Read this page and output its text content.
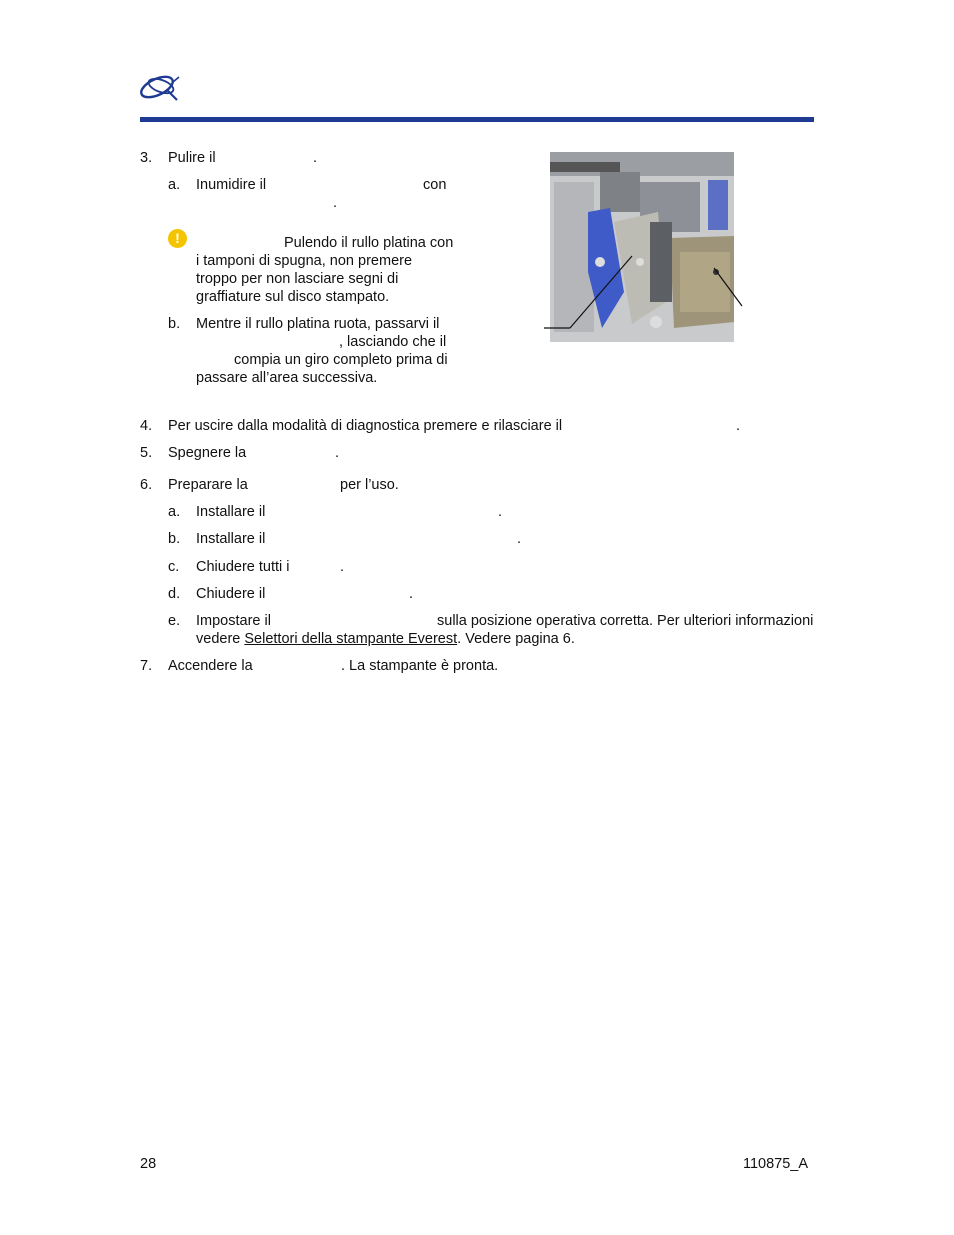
3. Pulire il	.
a. Inumidire il	con
.
!	Pulendo il rullo platina con
i tamponi di spugna, non premere
troppo per non lasciare segni di
graffiature sul disco stampato.
b. Mentre il rullo platina ruota, passarvi il
, lasciando che il
compia un giro completo prima di
passare all’area successiva.
4. Per uscire dalla modalità di diagnostica premere e rilasciare il	.
5. Spegnere la	.
6. Preparare la	per l’uso.
a. Installare il	.
b. Installare il	.
c. Chiudere tutti i	.
d. Chiudere il	.
e. Impostare il	sulla posizione operativa corretta. Per ulteriori informazioni
vedere Selettori della stampante Everest. Vedere pagina 6.
7. Accendere la	. La stampante è pronta.
28	110875_A
